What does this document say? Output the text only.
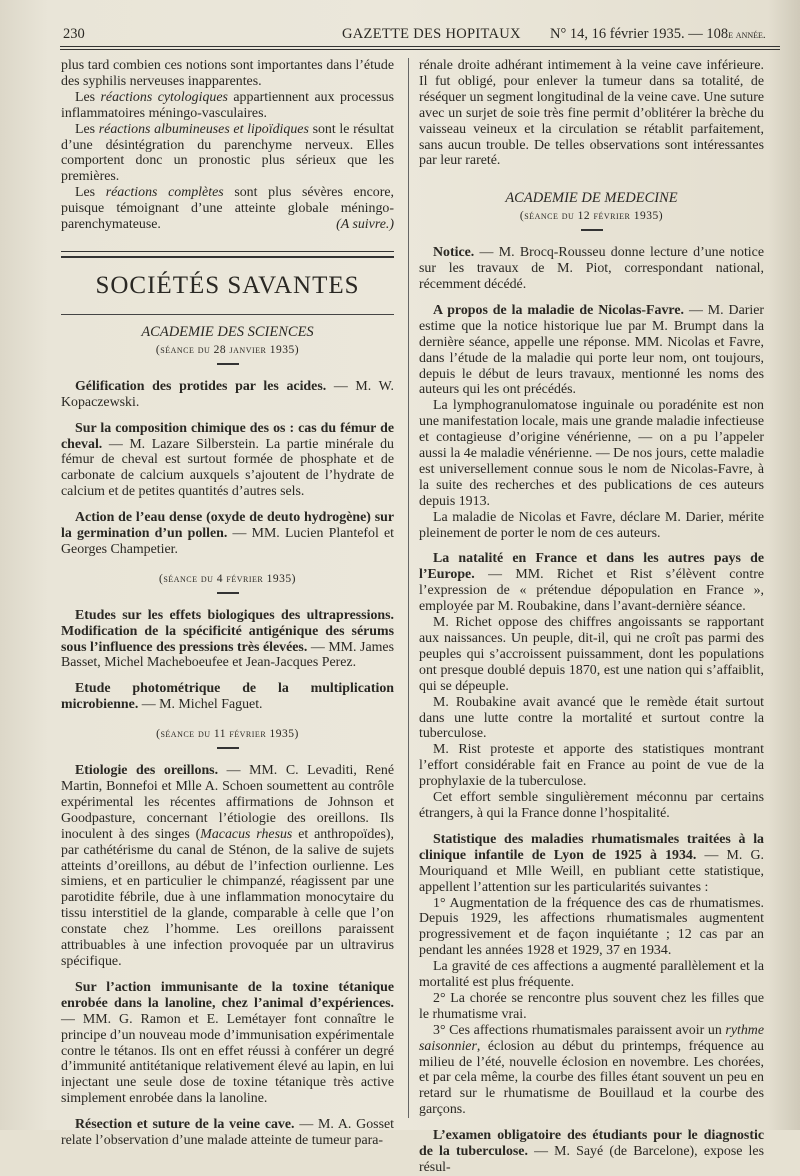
230	GAZETTE DES HOPITAUX N° 14, 16 février 1935. — 108e année.

plus tard combien ces notions sont importantes dans l’étude des syphilis nerveuses inapparentes.

Les réactions cytologiques appartiennent aux processus inflammatoires méningo-vasculaires.

Les réactions albumineuses et lipoïdiques sont le résultat d’une désintégration du parenchyme nerveux. Elles comportent donc un pronostic plus sérieux que les premières.

Les réactions complètes sont plus sévères encore, puisque témoignant d’une atteinte globale méningo-parenchymateuse.	(A suivre.)

SOCIÉTÉS SAVANTES
ACADEMIE DES SCIENCES
(séance du 28 janvier 1935)

Gélification des protides par les acides. — M. W. Kopaczewski.

Sur la composition chimique des os : cas du fémur de cheval. — M. Lazare Silberstein. La partie minérale du fémur de cheval est surtout formée de phosphate et de carbonate de calcium auxquels s’ajoutent de l’hydrate de calcium et de petites quantités d’autres sels.

Action de l’eau dense (oxyde de deuto hydrogène) sur la germination d’un pollen. — MM. Lucien Plantefol et Georges Champetier.

(séance du 4 février 1935)

Etudes sur les effets biologiques des ultrapressions. Modification de la spécificité antigénique des sérums sous l’influence des pressions très élevées. — MM. James Basset, Michel Macheboeufee et Jean-Jacques Perez.

Etude photométrique de la multiplication microbienne. — M. Michel Faguet.

(séance du 11 février 1935)

Etiologie des oreillons. — MM. C. Levaditi, René Martin, Bonnefoi et Mlle A. Schoen soumettent au contrôle expérimental les récentes affirmations de Johnson et Goodpasture, concernant l’étiologie des oreillons. Ils inoculent à des singes (Macacus rhesus et anthropoïdes), par cathétérisme du canal de Sténon, de la salive de sujets atteints d’oreillons, au début de l’infection ourlienne. Les simiens, et en particulier le chimpanzé, réagissent par une parotidite fébrile, due à une inflammation monocytaire du tissu interstitiel de la glande, comparable à celle que l’on constate chez l’homme. Les oreillons paraissent attribuables à une infection provoquée par un ultravirus spécifique.

Sur l’action immunisante de la toxine tétanique enrobée dans la lanoline, chez l’animal d’expériences. — MM. G. Ramon et E. Lemétayer font connaître le principe d’un nouveau mode d’immunisation expérimentale contre le tétanos. Ils ont en effet réussi à conférer un degré d’immunité antitétanique relativement élevé au lapin, en lui injectant une seule dose de toxine tétanique très active simplement enrobée dans la lanoline.

Résection et suture de la veine cave. — M. A. Gosset relate l’observation d’une malade atteinte de tumeur para-

rénale droite adhérant intimement à la veine cave inférieure. Il fut obligé, pour enlever la tumeur dans sa totalité, de réséquer un segment longitudinal de la veine cave. Une suture avec un surjet de soie très fine permit d’oblitérer la brèche du vaisseau veineux et la circulation se rétablit parfaitement, sans aucun trouble. De telles observations sont intéressantes par leur rareté.

ACADEMIE DE MEDECINE
(séance du 12 février 1935)

Notice. — M. Brocq-Rousseu donne lecture d’une notice sur les travaux de M. Piot, correspondant national, récemment décédé.

A propos de la maladie de Nicolas-Favre. — M. Darier estime que la notice historique lue par M. Brumpt dans la dernière séance, appelle une réponse. MM. Nicolas et Favre, dans l’étude de la maladie qui porte leur nom, ont toujours, depuis le début de leurs travaux, mentionné les noms des auteurs qui les ont précédés.

La lymphogranulomatose inguinale ou poradénite est non une manifestation locale, mais une grande maladie infectieuse et contagieuse d’origine vénérienne, — on a pu l’appeler aussi la 4e maladie vénérienne. — De nos jours, cette maladie est universellement connue sous le nom de Nicolas-Favre, à la suite des recherches et des publications de ces auteurs depuis 1913.

La maladie de Nicolas et Favre, déclare M. Darier, mérite pleinement de porter le nom de ces auteurs.

La natalité en France et dans les autres pays de l’Europe. — MM. Richet et Rist s’élèvent contre l’expression de « prétendue dépopulation en France », employée par M. Roubakine, dans l’avant-dernière séance.

M. Richet oppose des chiffres angoissants se rapportant aux naissances. Un peuple, dit-il, qui ne croît pas parmi des peuples qui s’accroissent puissamment, dont les populations ont presque doublé depuis 1870, est une nation qui s’affaiblit, qui se dépeuple.

M. Roubakine avait avancé que le remède était surtout dans une lutte contre la mortalité et surtout contre la tuberculose.

M. Rist proteste et apporte des statistiques montrant l’effort considérable fait en France au point de vue de la prophylaxie de la tuberculose.

Cet effort semble singulièrement méconnu par certains étrangers, à qui la France donne l’hospitalité.

Statistique des maladies rhumatismales traitées à la clinique infantile de Lyon de 1925 à 1934. — M. G. Mouriquand et Mlle Weill, en publiant cette statistique, appellent l’attention sur les particularités suivantes :

1° Augmentation de la fréquence des cas de rhumatismes. Depuis 1929, les affections rhumatismales augmentent progressivement et de façon inquiétante ; 12 cas par an pendant les années 1928 et 1929, 37 en 1934.

La gravité de ces affections a augmenté parallèlement et la mortalité est plus fréquente.

2° La chorée se rencontre plus souvent chez les filles que le rhumatisme vrai.

3° Ces affections rhumatismales paraissent avoir un rythme saisonnier, éclosion au début du printemps, fréquence au milieu de l’été, nouvelle éclosion en novembre. Les chorées, et par cela même, la courbe des filles étant souvent un peu en retard sur le rhumatisme de Bouillaud et la courbe des garçons.

L’examen obligatoire des étudiants pour le diagnostic de la tuberculose. — M. Sayé (de Barcelone), expose les résul-
